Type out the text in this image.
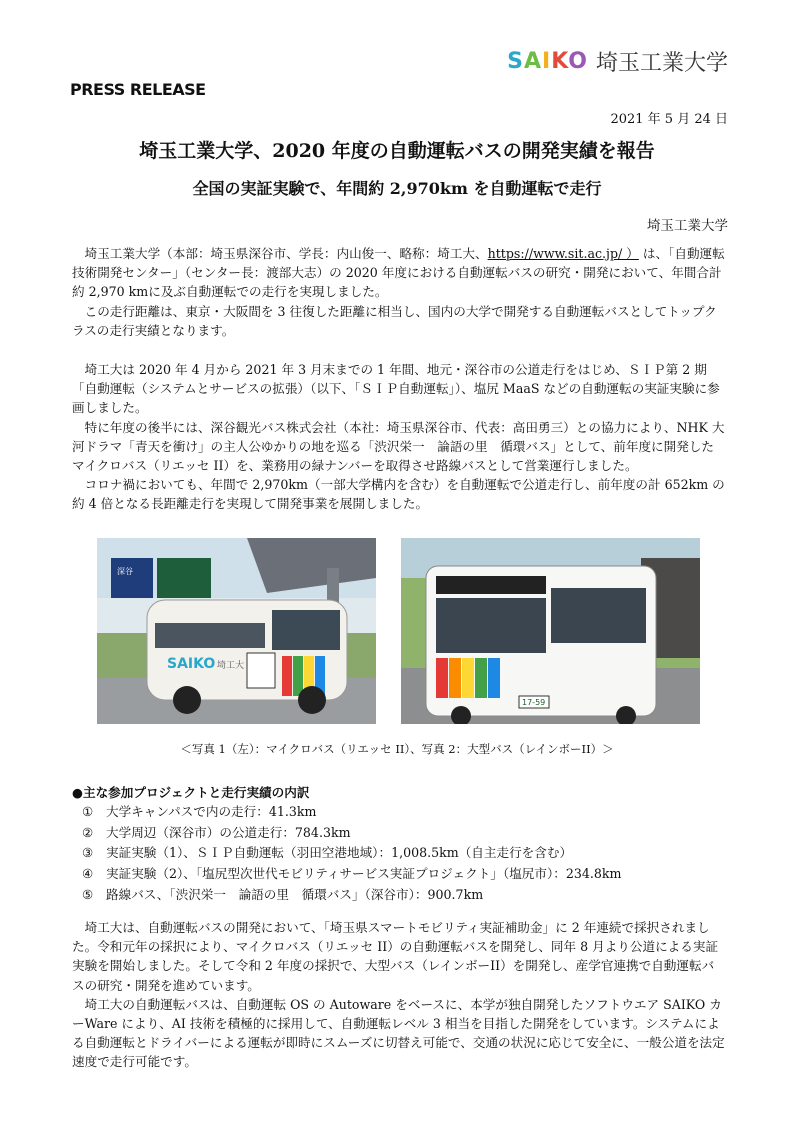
SAIKO 埼玉工業大学
PRESS RELEASE
2021 年 5 月 24 日
埼玉工業大学、2020 年度の自動運転バスの開発実績を報告
全国の実証実験で、年間約 2,970km を自動運転で走行
埼玉工業大学

埼玉工業大学（本部：埼玉県深谷市、学長：内山俊一、略称：埼工大、https://www.sit.ac.jp/ ） は、「自動運転技術開発センター」（センター長：渡部大志）の 2020 年度における自動運転バスの研究・開発において、年間合計約 2,970 kmに及ぶ自動運転での走行を実現しました。

この走行距離は、東京・大阪間を 3 往復した距離に相当し、国内の大学で開発する自動運転バスとしてトップクラスの走行実績となります。

埼工大は 2020 年 4 月から 2021 年 3 月末までの 1 年間、地元・深谷市の公道走行をはじめ、ＳＩＰ第 2 期「自動運転（システムとサービスの拡張）（以下、「ＳＩＰ自動運転」）、塩尻 MaaS などの自動運転の実証実験に参画しました。

特に年度の後半には、深谷観光バス株式会社（本社：埼玉県深谷市、代表：高田勇三）との協力により、NHK 大河ドラマ「青天を衝け」の主人公ゆかりの地を巡る「渋沢栄一　論語の里　循環バス」として、前年度に開発したマイクロバス（リエッセ II）を、業務用の緑ナンバーを取得させ路線バスとして営業運行しました。

コロナ禍においても、年間で 2,970km（一部大学構内を含む）を自動運転で公道走行し、前年度の計 652km の約 4 倍となる長距離走行を実現して開発事業を展開しました。

深谷
SAIKO 埼工大
17-59
＜写真 1（左）：マイクロバス（リエッセ II）、写真 2：大型バス（レインボーII）＞
●主な参加プロジェクトと走行実績の内訳
① 大学キャンパスで内の走行：41.3km
② 大学周辺（深谷市）の公道走行：784.3km
③ 実証実験（1）、ＳＩＰ自動運転（羽田空港地域）：1,008.5km（自主走行を含む）
④ 実証実験（2）、「塩尻型次世代モビリティサービス実証プロジェクト」（塩尻市）：234.8km
⑤ 路線バス、「渋沢栄一　論語の里　循環バス」（深谷市）：900.7km

埼工大は、自動運転バスの開発において、「埼玉県スマートモビリティ実証補助金」に 2 年連続で採択されました。令和元年の採択により、マイクロバス（リエッセ II）の自動運転バスを開発し、同年 8 月より公道による実証実験を開始しました。そして令和 2 年度の採択で、大型バス（レインボーII）を開発し、産学官連携で自動運転バスの研究・開発を進めています。

埼工大の自動運転バスは、自動運転 OS の Autoware をベースに、本学が独自開発したソフトウエア SAIKO カーWare により、AI 技術を積極的に採用して、自動運転レベル 3 相当を目指した開発をしています。システムによる自動運転とドライバーによる運転が即時にスムーズに切替え可能で、交通の状況に応じて安全に、一般公道を法定速度で走行可能です。
